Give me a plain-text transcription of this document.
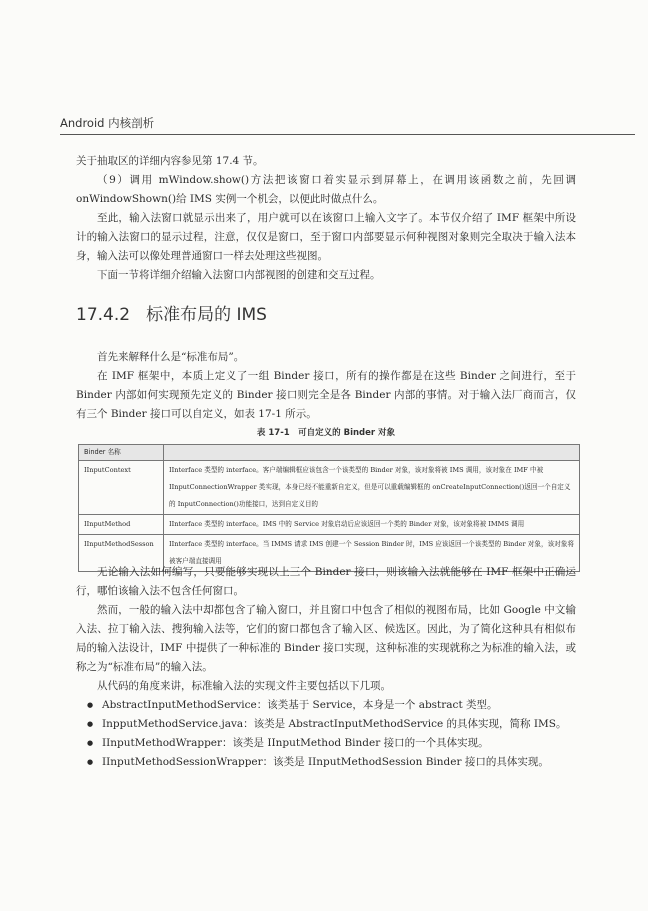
Android 内核剖析

关于抽取区的详细内容参见第 17.4 节。

（9）调用 mWindow.show()方法把该窗口着实显示到屏幕上，在调用该函数之前，先回调 onWindowShown()给 IMS 实例一个机会，以便此时做点什么。

至此，输入法窗口就显示出来了，用户就可以在该窗口上输入文字了。本节仅介绍了 IMF 框架中所设计的输入法窗口的显示过程，注意，仅仅是窗口，至于窗口内部要显示何种视图对象则完全取决于输入法本身，输入法可以像处理普通窗口一样去处理这些视图。

下面一节将详细介绍输入法窗口内部视图的创建和交互过程。

17.4.2 标准布局的 IMS

首先来解释什么是“标准布局”。

在 IMF 框架中，本质上定义了一组 Binder 接口，所有的操作都是在这些 Binder 之间进行，至于 Binder 内部如何实现预先定义的 Binder 接口则完全是各 Binder 内部的事情。对于输入法厂商而言，仅有三个 Binder 接口可以自定义，如表 17-1 所示。

表 17-1　可自定义的 Binder 对象
Binder 名称	
IInputContext	IInterface 类型的 interface。客户端编辑框应该包含一个该类型的 Binder 对象，该对象将被 IMS 调用，该对象在 IMF 中被 IInputConnectionWrapper 类实现，本身已经不能重新自定义，但是可以重载编辑框的 onCreateInputConnection()返回一个自定义的 InputConnection()功能接口，达到自定义目的
IInputMethod	IInterface 类型的 interface。IMS 中的 Service 对象启动后应该返回一个类的 Binder 对象，该对象将被 IMMS 调用
IInputMethodSesson	IInterface 类型的 interface。当 IMMS 请求 IMS 创建一个 Session Binder 时，IMS 应该返回一个该类型的 Binder 对象，该对象将被客户端直接调用

无论输入法如何编写，只要能够实现以上三个 Binder 接口，则该输入法就能够在 IMF 框架中正确运行，哪怕该输入法不包含任何窗口。

然而，一般的输入法中却都包含了输入窗口，并且窗口中包含了相似的视图布局，比如 Google 中文输入法、拉丁输入法、搜狗输入法等，它们的窗口都包含了输入区、候选区。因此，为了简化这种具有相似布局的输入法设计，IMF 中提供了一种标准的 Binder 接口实现，这种标准的实现就称之为标准的输入法，或称之为“标准布局”的输入法。

从代码的角度来讲，标准输入法的实现文件主要包括以下几项。

● AbstractInputMethodService：该类基于 Service，本身是一个 abstract 类型。
● InpputMethodService.java：该类是 AbstractInputMethodService 的具体实现，简称 IMS。
● IInputMethodWrapper：该类是 IInputMethod Binder 接口的一个具体实现。
● IInputMethodSessionWrapper：该类是 IInputMethodSession Binder 接口的具体实现。
